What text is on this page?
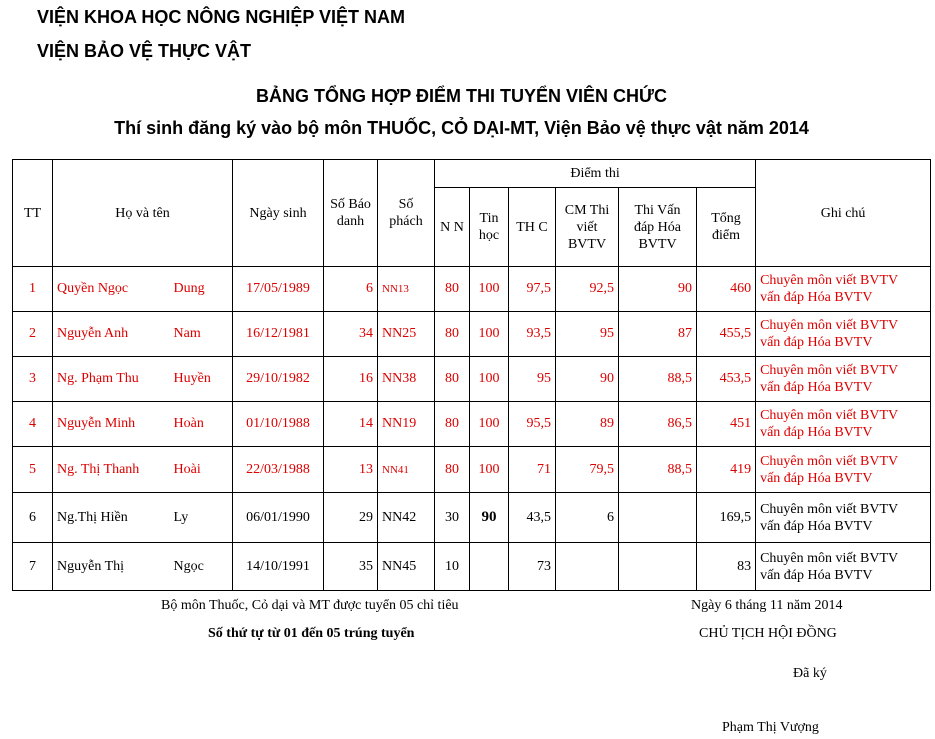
VIỆN KHOA HỌC NÔNG NGHIỆP VIỆT NAM
VIỆN BẢO VỆ THỰC VẬT
BẢNG TỔNG HỢP ĐIỂM THI TUYỂN VIÊN CHỨC
Thí sinh đăng ký vào bộ môn THUỐC, CỎ DẠI-MT, Viện Bảo vệ thực vật năm 2014
TT	Họ và tên		Ngày sinh	Số Báo danh	Số phách	Điểm thi						Ghi chú
						N N	Tin học	TH C	CM Thi viết BVTV	Thi Vấn đáp Hóa BVTV	Tổng điểm	
1	Quyền Ngọc	Dung	17/05/1989	6	NN13	80	100	97,5	92,5	90	460	Chuyên môn viết BVTV
vấn đáp Hóa BVTV
2	Nguyễn Anh	Nam	16/12/1981	34	NN25	80	100	93,5	95	87	455,5	Chuyên môn viết BVTV
vấn đáp Hóa BVTV
3	Ng. Phạm Thu	Huyền	29/10/1982	16	NN38	80	100	95	90	88,5	453,5	Chuyên môn viết BVTV
vấn đáp Hóa BVTV
4	Nguyễn Minh	Hoàn	01/10/1988	14	NN19	80	100	95,5	89	86,5	451	Chuyên môn viết BVTV
vấn đáp Hóa BVTV
5	Ng. Thị Thanh	Hoài	22/03/1988	13	NN41	80	100	71	79,5	88,5	419	Chuyên môn viết BVTV
vấn đáp Hóa BVTV
6	Ng.Thị Hiền	Ly	06/01/1990	29	NN42	30	90	43,5	6		169,5	Chuyên môn viết BVTV
vấn đáp Hóa BVTV
7	Nguyễn Thị	Ngọc	14/10/1991	35	NN45	10		73			83	Chuyên môn viết BVTV
vấn đáp Hóa BVTV
Bộ môn Thuốc, Cỏ dại và MT được tuyển 05 chỉ tiêu
Số thứ tự từ 01 đến 05 trúng tuyển
Ngày 6 tháng 11 năm 2014
CHỦ TỊCH HỘI ĐỒNG
Đã ký
Phạm Thị Vượng
